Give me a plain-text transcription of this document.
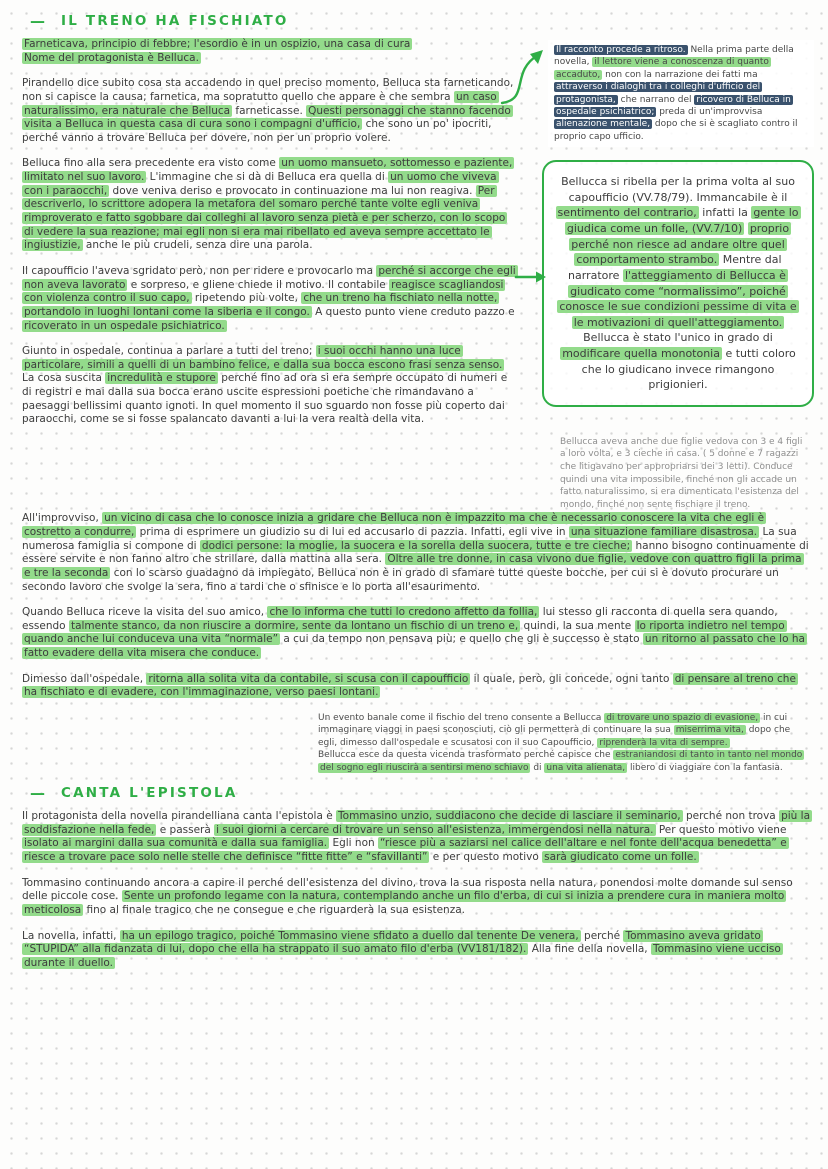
— IL TRENO HA FISCHIATO

Farneticava, principio di febbre; l'esordio è in un ospizio, una casa di cura
Nome del protagonista è Belluca.

Pirandello dice subito cosa sta accadendo in quel preciso momento, Belluca sta farneticando, non si capisce la causa; farnetica, ma sopratutto quello che appare è che sembra un caso naturalissimo, era naturale che Belluca farneticasse. Questi personaggi che stanno facendo visita a Belluca in questa casa di cura sono i compagni d'ufficio, che sono un po' ipocriti, perché vanno a trovare Belluca per dovere, non per un proprio volere.

Belluca fino alla sera precedente era visto come un uomo mansueto, sottomesso e paziente, limitato nel suo lavoro. L'immagine che si dà di Belluca era quella di un uomo che viveva con i paraocchi, dove veniva deriso e provocato in continuazione ma lui non reagiva. Per descriverlo, lo scrittore adopera la metafora del somaro perché tante volte egli veniva rimproverato e fatto sgobbare dai colleghi al lavoro senza pietà e per scherzo, con lo scopo di vedere la sua reazione; mai egli non si era mai ribellato ed aveva sempre accettato le ingiustizie, anche le più crudeli, senza dire una parola.

Il capoufficio l'aveva sgridato però, non per ridere e provocarlo ma perché si accorge che egli non aveva lavorato e sorpreso, e gliene chiede il motivo. Il contabile reagisce scagliandosi con violenza contro il suo capo, ripetendo più volte, che un treno ha fischiato nella notte, portandolo in luoghi lontani come la siberia e il congo. A questo punto viene creduto pazzo e ricoverato in un ospedale psichiatrico.

Giunto in ospedale, continua a parlare a tutti del treno; i suoi occhi hanno una luce particolare, simili a quelli di un bambino felice, e dalla sua bocca escono frasi senza senso. La cosa suscita incredulità e stupore perché fino ad ora si era sempre occupato di numeri e di registri e mai dalla sua bocca erano uscite espressioni poetiche che rimandavano a paesaggi bellissimi quanto ignoti. In quel momento il suo sguardo non fosse più coperto dai paraocchi, come se si fosse spalancato davanti a lui la vera realtà della vita.

Il racconto procede a ritroso. Nella prima parte della novella, il lettore viene a conoscenza di quanto accaduto, non con la narrazione dei fatti ma attraverso i dialoghi tra i colleghi d'ufficio del protagonista, che narrano del ricovero di Belluca in ospedale psichiatrico; preda di un'improvvisa alienazione mentale, dopo che si è scagliato contro il proprio capo ufficio.
Bellucca si ribella per la prima volta al suo capoufficio (VV.78/79). Immancabile è il sentimento del contrario, infatti la gente lo giudica come un folle, (VV.7/10) proprio perché non riesce ad andare oltre quel comportamento strambo. Mentre dal narratore l'atteggiamento di Bellucca è giudicato come “normalissimo”, poiché conosce le sue condizioni pessime di vita e le motivazioni di quell'atteggiamento. Bellucca è stato l'unico in grado di modificare quella monotonia e tutti coloro che lo giudicano invece rimangono prigionieri.
Bellucca aveva anche due figlie vedova con 3 e 4 figli a loro volta, e 3 cieche in casa. ( 5 donne e 7 ragazzi che litigavano per appropriarsi dei 3 letti). Conduce quindi una vita impossibile, finché non gli accade un fatto naturalissimo, si era dimenticato l'esistenza del mondo, finché non sente fischiare il treno.

All'improvviso, un vicino di casa che lo conosce inizia a gridare che Belluca non è impazzito ma che è necessario conoscere la vita che egli è costretto a condurre, prima di esprimere un giudizio su di lui ed accusarlo di pazzia. Infatti, egli vive in una situazione familiare disastrosa. La sua numerosa famiglia si compone di dodici persone: la moglie, la suocera e la sorella della suocera, tutte e tre cieche; hanno bisogno continuamente di essere servite e non fanno altro che strillare, dalla mattina alla sera. Oltre alle tre donne, in casa vivono due figlie, vedove con quattro figli la prima e tre la seconda con lo scarso guadagno da impiegato, Belluca non è in grado di sfamare tutte queste bocche, per cui si è dovuto procurare un secondo lavoro che svolge la sera, fino a tardi che o sfinisce e lo porta all'esaurimento.

Quando Belluca riceve la visita del suo amico, che lo informa che tutti lo credono affetto da follia, lui stesso gli racconta di quella sera quando, essendo talmente stanco, da non riuscire a dormire, sente da lontano un fischio di un treno e, quindi, la sua mente lo riporta indietro nel tempo quando anche lui conduceva una vita “normale” a cui da tempo non pensava più; e quello che gli è successo è stato un ritorno al passato che lo ha fatto evadere della vita misera che conduce.

Dimesso dall'ospedale, ritorna alla solita vita da contabile, si scusa con il capoufficio il quale, però, gli concede, ogni tanto di pensare al treno che ha fischiato e di evadere, con l'immaginazione, verso paesi lontani.

Un evento banale come il fischio del treno consente a Bellucca di trovare uno spazio di evasione, in cui immaginare viaggi in paesi sconosciuti, ciò gli permetterà di continuare la sua miserrima vita, dopo che egli, dimesso dall'ospedale e scusatosi con il suo Capoufficio, riprenderà la vita di sempre.
Bellucca esce da questa vicenda trasformato perché capisce che estraniandosi di tanto in tanto nel mondo del sogno egli riuscirà a sentirsi meno schiavo di una vita alienata, libero di viaggiare con la fantasia.
— CANTA L'EPISTOLA

Il protagonista della novella pirandelliana canta l'epistola è Tommasino unzio, suddiacono che decide di lasciare il seminario, perché non trova più la soddisfazione nella fede, e passerà i suoi giorni a cercare di trovare un senso all'esistenza, immergendosi nella natura. Per questo motivo viene isolato ai margini dalla sua comunità e dalla sua famiglia. Egli non “riesce più a saziarsi nel calice dell'altare e nel fonte dell'acqua benedetta” e riesce a trovare pace solo nelle stelle che definisce “fitte fitte” e “sfavillanti” e per questo motivo sarà giudicato come un folle.

Tommasino continuando ancora a capire il perché dell'esistenza del divino, trova la sua risposta nella natura, ponendosi molte domande sul senso delle piccole cose. Sente un profondo legame con la natura, contemplando anche un filo d'erba, di cui si inizia a prendere cura in maniera molto meticolosa fino al finale tragico che ne consegue e che riguarderà la sua esistenza.

La novella, infatti, ha un epilogo tragico, poiché Tommasino viene sfidato a duello dal tenente De venera, perché Tommasino aveva gridato “STUPIDA” alla fidanzata di lui, dopo che ella ha strappato il suo amato filo d'erba (VV181/182). Alla fine della novella, Tommasino viene ucciso durante il duello.
